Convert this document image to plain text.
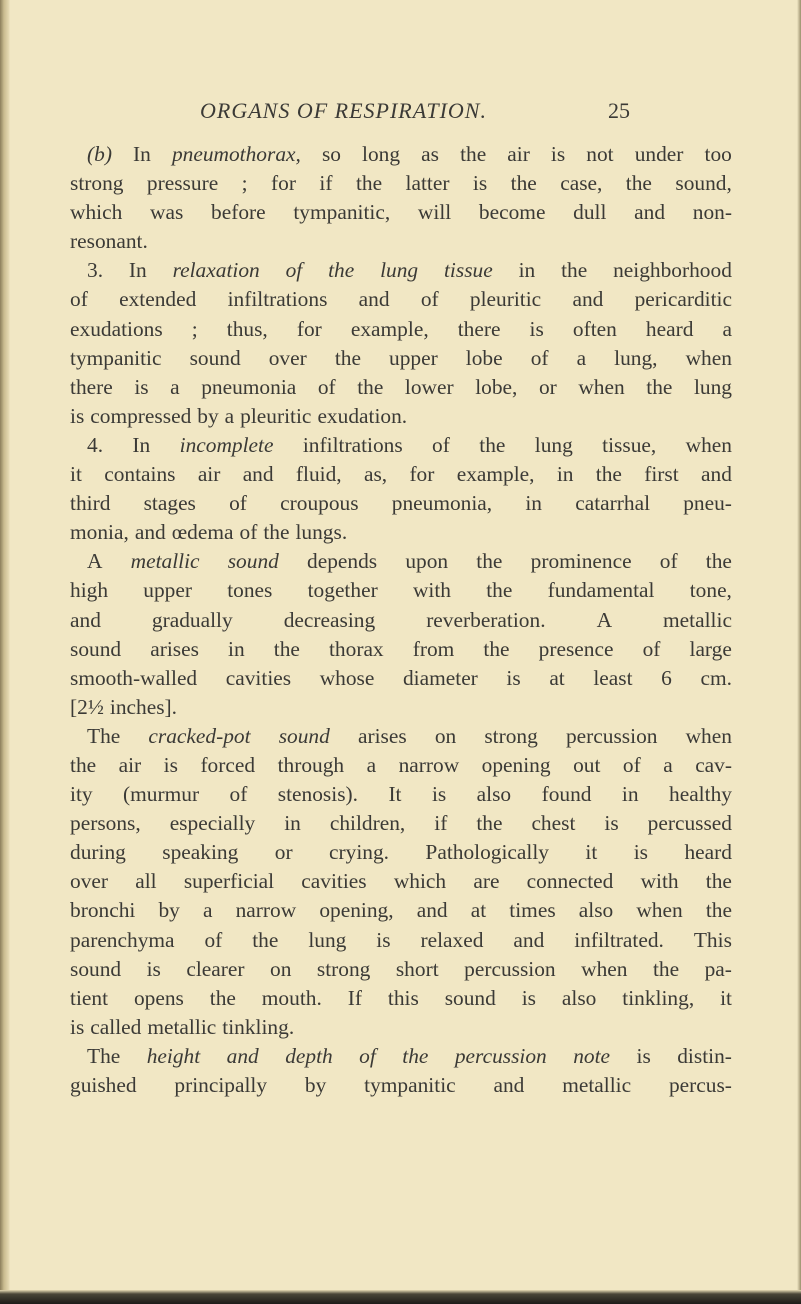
ORGANS OF RESPIRATION.	25
(b) In pneumothorax, so long as the air is not under too
strong pressure ; for if the latter is the case, the sound,
which was before tympanitic, will become dull and non-
resonant.
3. In relaxation of the lung tissue in the neighborhood
of extended infiltrations and of pleuritic and pericarditic
exudations ; thus, for example, there is often heard a
tympanitic sound over the upper lobe of a lung, when
there is a pneumonia of the lower lobe, or when the lung
is compressed by a pleuritic exudation.
4. In incomplete infiltrations of the lung tissue, when
it contains air and fluid, as, for example, in the first and
third stages of croupous pneumonia, in catarrhal pneu-
monia, and œdema of the lungs.
A metallic sound depends upon the prominence of the
high upper tones together with the fundamental tone,
and gradually decreasing reverberation. A metallic
sound arises in the thorax from the presence of large
smooth-walled cavities whose diameter is at least 6 cm.
[2½ inches].
The cracked-pot sound arises on strong percussion when
the air is forced through a narrow opening out of a cav-
ity (murmur of stenosis). It is also found in healthy
persons, especially in children, if the chest is percussed
during speaking or crying. Pathologically it is heard
over all superficial cavities which are connected with the
bronchi by a narrow opening, and at times also when the
parenchyma of the lung is relaxed and infiltrated. This
sound is clearer on strong short percussion when the pa-
tient opens the mouth. If this sound is also tinkling, it
is called metallic tinkling.
The height and depth of the percussion note is distin-
guished principally by tympanitic and metallic percus-
